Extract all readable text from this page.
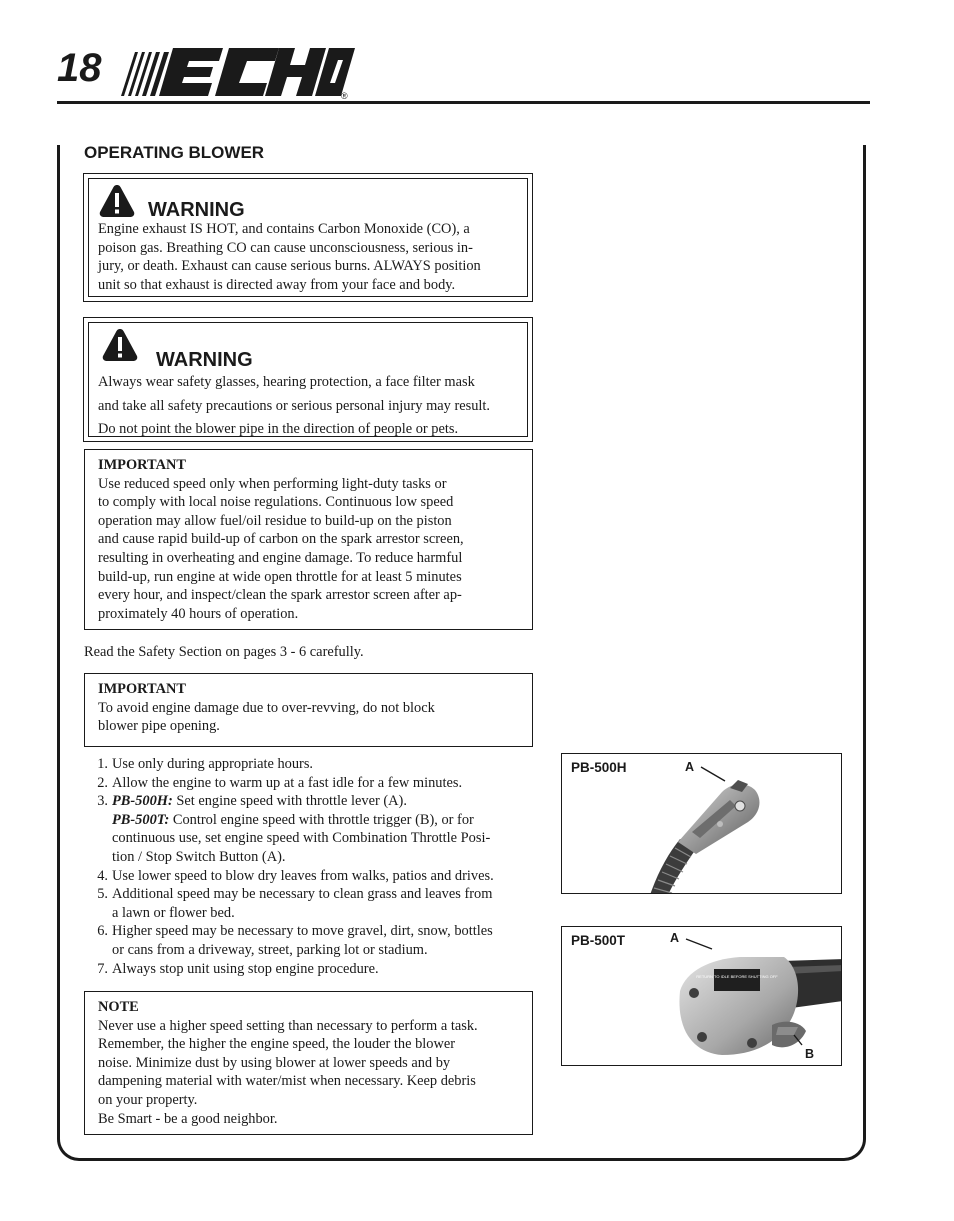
18
®
OPERATING BLOWER
WARNING
Engine exhaust IS HOT, and contains Carbon Monoxide (CO), a
poison gas. Breathing CO can cause unconsciousness, serious in-
jury, or death. Exhaust can cause serious burns. ALWAYS position
unit so that exhaust is directed away from your face and body.
WARNING
Always wear safety glasses, hearing protection, a face filter mask
and take all safety precautions or serious personal injury may result.
Do not point the blower pipe in the direction of people or pets.
IMPORTANT
Use reduced speed only when performing light-duty tasks or
to comply with local noise regulations. Continuous low speed
operation may allow fuel/oil residue to build-up on the piston
and cause rapid build-up of carbon on the spark arrestor screen,
resulting in overheating and engine damage. To reduce harmful
build-up, run engine at wide open throttle for at least 5 minutes
every hour, and inspect/clean the spark arrestor screen after ap-
proximately 40 hours of operation.
Read the Safety Section on pages 3 - 6 carefully.
IMPORTANT
To avoid engine damage due to over-revving, do not block
blower pipe opening.
1. Use only during appropriate hours.
2. Allow the engine to warm up at a fast idle for a few minutes.
3. PB-500H: Set engine speed with throttle lever (A).
PB-500T: Control engine speed with throttle trigger (B), or for
continuous use, set engine speed with Combination Throttle Posi-
tion / Stop Switch Button (A).
4. Use lower speed to blow dry leaves from walks, patios and drives.
5. Additional speed may be necessary to clean grass and leaves from
a lawn or flower bed.
6. Higher speed may be necessary to move gravel, dirt, snow, bottles
or cans from a driveway, street, parking lot or stadium.
7. Always stop unit using stop engine procedure.
NOTE
Never use a higher speed setting than necessary to perform a task.
Remember, the higher the engine speed, the louder the blower
noise. Minimize dust by using blower at lower speeds and by
dampening material with water/mist when necessary. Keep debris
on your property.
Be Smart - be a good neighbor.
PB-500H	A
RETURN TO IDLE BEFORE SHUTTING OFF
PB-500T	A
B
